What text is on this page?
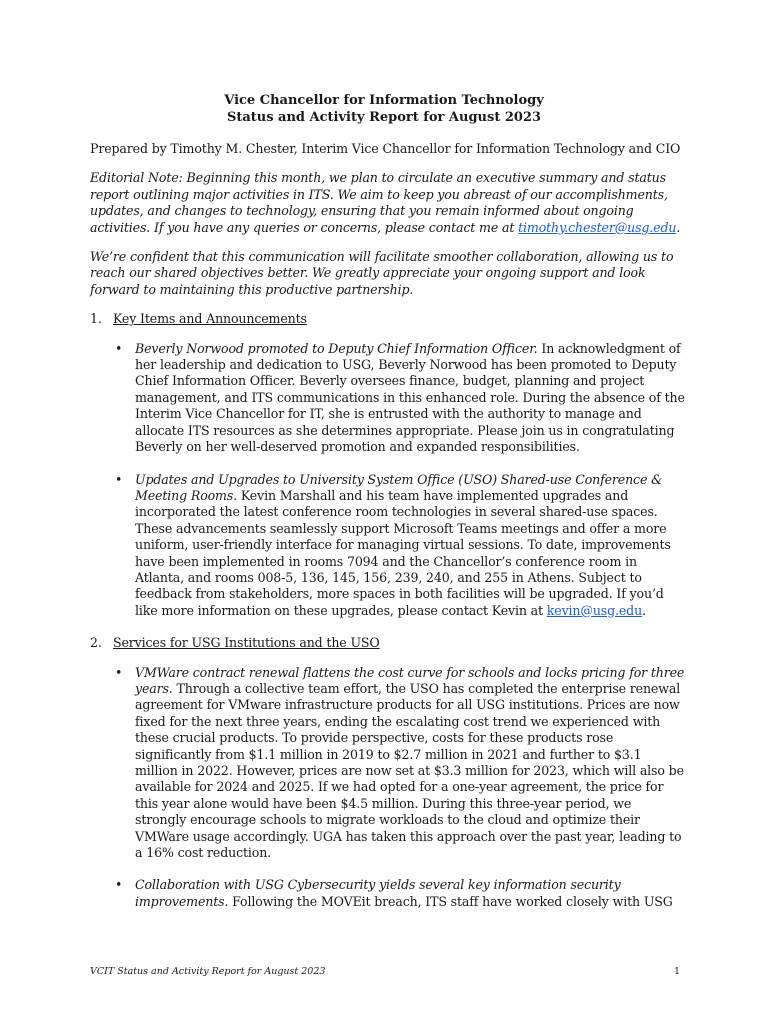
Vice Chancellor for Information Technology
Status and Activity Report for August 2023

Prepared by Timothy M. Chester, Interim Vice Chancellor for Information Technology and CIO

Editorial Note: Beginning this month, we plan to circulate an executive summary and status report outlining major activities in ITS. We aim to keep you abreast of our accomplishments, updates, and changes to technology, ensuring that you remain informed about ongoing activities. If you have any queries or concerns, please contact me at timothy.chester@usg.edu.

We’re confident that this communication will facilitate smoother collaboration, allowing us to reach our shared objectives better. We greatly appreciate your ongoing support and look forward to maintaining this productive partnership.

1. Key Items and Announcements
• Beverly Norwood promoted to Deputy Chief Information Officer. In acknowledgment of her leadership and dedication to USG, Beverly Norwood has been promoted to Deputy Chief Information Officer. Beverly oversees finance, budget, planning and project management, and ITS communications in this enhanced role. During the absence of the Interim Vice Chancellor for IT, she is entrusted with the authority to manage and allocate ITS resources as she determines appropriate. Please join us in congratulating Beverly on her well-deserved promotion and expanded responsibilities.
• Updates and Upgrades to University System Office (USO) Shared-use Conference & Meeting Rooms. Kevin Marshall and his team have implemented upgrades and incorporated the latest conference room technologies in several shared-use spaces. These advancements seamlessly support Microsoft Teams meetings and offer a more uniform, user-friendly interface for managing virtual sessions. To date, improvements have been implemented in rooms 7094 and the Chancellor’s conference room in Atlanta, and rooms 008-5, 136, 145, 156, 239, 240, and 255 in Athens. Subject to feedback from stakeholders, more spaces in both facilities will be upgraded. If you’d like more information on these upgrades, please contact Kevin at kevin@usg.edu.
2. Services for USG Institutions and the USO
• VMWare contract renewal flattens the cost curve for schools and locks pricing for three years. Through a collective team effort, the USO has completed the enterprise renewal agreement for VMware infrastructure products for all USG institutions. Prices are now fixed for the next three years, ending the escalating cost trend we experienced with these crucial products. To provide perspective, costs for these products rose significantly from $1.1 million in 2019 to $2.7 million in 2021 and further to $3.1 million in 2022. However, prices are now set at $3.3 million for 2023, which will also be available for 2024 and 2025. If we had opted for a one-year agreement, the price for this year alone would have been $4.5 million. During this three-year period, we strongly encourage schools to migrate workloads to the cloud and optimize their VMWare usage accordingly. UGA has taken this approach over the past year, leading to a 16% cost reduction.
• Collaboration with USG Cybersecurity yields several key information security improvements. Following the MOVEit breach, ITS staff have worked closely with USG
VCIT Status and Activity Report for August 2023	1
